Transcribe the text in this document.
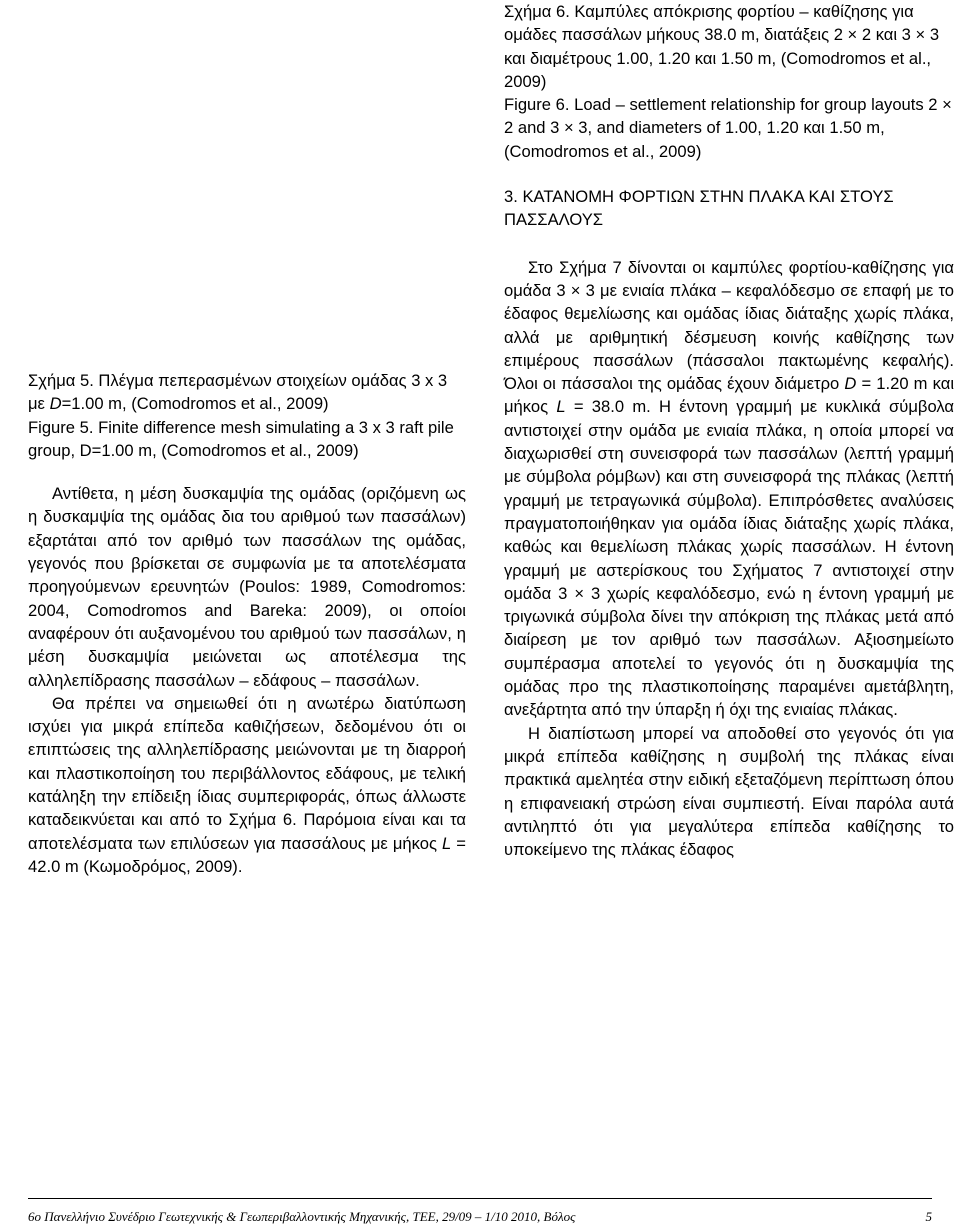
Σχήμα 6. Καμπύλες απόκρισης φορτίου – καθίζησης για ομάδες πασσάλων μήκους 38.0 m, διατάξεις 2 × 2 και 3 × 3 και διαμέτρους 1.00, 1.20 και 1.50 m, (Comodromos et al., 2009)

Figure 6. Load – settlement relationship for group layouts 2 × 2 and 3 × 3, and diameters of 1.00, 1.20 και 1.50 m, (Comodromos et al., 2009)

3. ΚΑΤΑΝΟΜΗ ΦΟΡΤΙΩΝ ΣΤΗΝ ΠΛΑΚΑ ΚΑΙ ΣΤΟΥΣ ΠΑΣΣΑΛΟΥΣ

Στο Σχήμα 7 δίνονται οι καμπύλες φορτίου-καθίζησης για ομάδα 3 × 3 με ενιαία πλάκα – κεφαλόδεσμο σε επαφή με το έδαφος θεμελίωσης και ομάδας ίδιας διάταξης χωρίς πλάκα, αλλά με αριθμητική δέσμευση κοινής καθίζησης των επιμέρους πασσάλων (πάσσαλοι πακτωμένης κεφαλής). Όλοι οι πάσσαλοι της ομάδας έχουν διάμετρο D = 1.20 m και μήκος L = 38.0 m. Η έντονη γραμμή με κυκλικά σύμβολα αντιστοιχεί στην ομάδα με ενιαία πλάκα, η οποία μπορεί να διαχωρισθεί στη συνεισφορά των πασσάλων (λεπτή γραμμή με σύμβολα ρόμβων) και στη συνεισφορά της πλάκας (λεπτή γραμμή με τετραγωνικά σύμβολα). Επιπρόσθετες αναλύσεις πραγματοποιήθηκαν για ομάδα ίδιας διάταξης χωρίς πλάκα, καθώς και θεμελίωση πλάκας χωρίς πασσάλων. Η έντονη γραμμή με αστερίσκους του Σχήματος 7 αντιστοιχεί στην ομάδα 3 × 3 χωρίς κεφαλόδεσμο, ενώ η έντονη γραμμή με τριγωνικά σύμβολα δίνει την απόκριση της πλάκας μετά από διαίρεση με τον αριθμό των πασσάλων. Αξιοσημείωτο συμπέρασμα αποτελεί το γεγονός ότι η δυσκαμψία της ομάδας προ της πλαστικοποίησης παραμένει αμετάβλητη, ανεξάρτητα από την ύπαρξη ή όχι της ενιαίας πλάκας.

Η διαπίστωση μπορεί να αποδοθεί στο γεγονός ότι για μικρά επίπεδα καθίζησης η συμβολή της πλάκας είναι πρακτικά αμελητέα στην ειδική εξεταζόμενη περίπτωση όπου η επιφανειακή στρώση είναι συμπιεστή. Είναι παρόλα αυτά αντιληπτό ότι για μεγαλύτερα επίπεδα καθίζησης το υποκείμενο της πλάκας έδαφος

Σχήμα 5. Πλέγμα πεπερασμένων στοιχείων ομάδας 3 x 3 με D=1.00 m, (Comodromos et al., 2009)

Figure 5. Finite difference mesh simulating a 3 x 3 raft pile group, D=1.00 m, (Comodromos et al., 2009)

Αντίθετα, η μέση δυσκαμψία της ομάδας (οριζόμενη ως η δυσκαμψία της ομάδας δια του αριθμού των πασσάλων) εξαρτάται από τον αριθμό των πασσάλων της ομάδας, γεγονός που βρίσκεται σε συμφωνία με τα αποτελέσματα προηγούμενων ερευνητών (Poulos: 1989, Comodromos: 2004, Comodromos and Bareka: 2009), οι οποίοι αναφέρουν ότι αυξανομένου του αριθμού των πασσάλων, η μέση δυσκαμψία μειώνεται ως αποτέλεσμα της αλληλεπίδρασης πασσάλων – εδάφους – πασσάλων.

Θα πρέπει να σημειωθεί ότι η ανωτέρω διατύπωση ισχύει για μικρά επίπεδα καθιζήσεων, δεδομένου ότι οι επιπτώσεις της αλληλεπίδρασης μειώνονται με τη διαρροή και πλαστικοποίηση του περιβάλλοντος εδάφους, με τελική κατάληξη την επίδειξη ίδιας συμπεριφοράς, όπως άλλωστε καταδεικνύεται και από το Σχήμα 6. Παρόμοια είναι και τα αποτελέσματα των επιλύσεων για πασσάλους με μήκος L = 42.0 m (Κωμοδρόμος, 2009).

6ο Πανελλήνιο Συνέδριο Γεωτεχνικής & Γεωπεριβαλλοντικής Μηχανικής, ΤΕΕ, 29/09 – 1/10 2010, Βόλος	5
